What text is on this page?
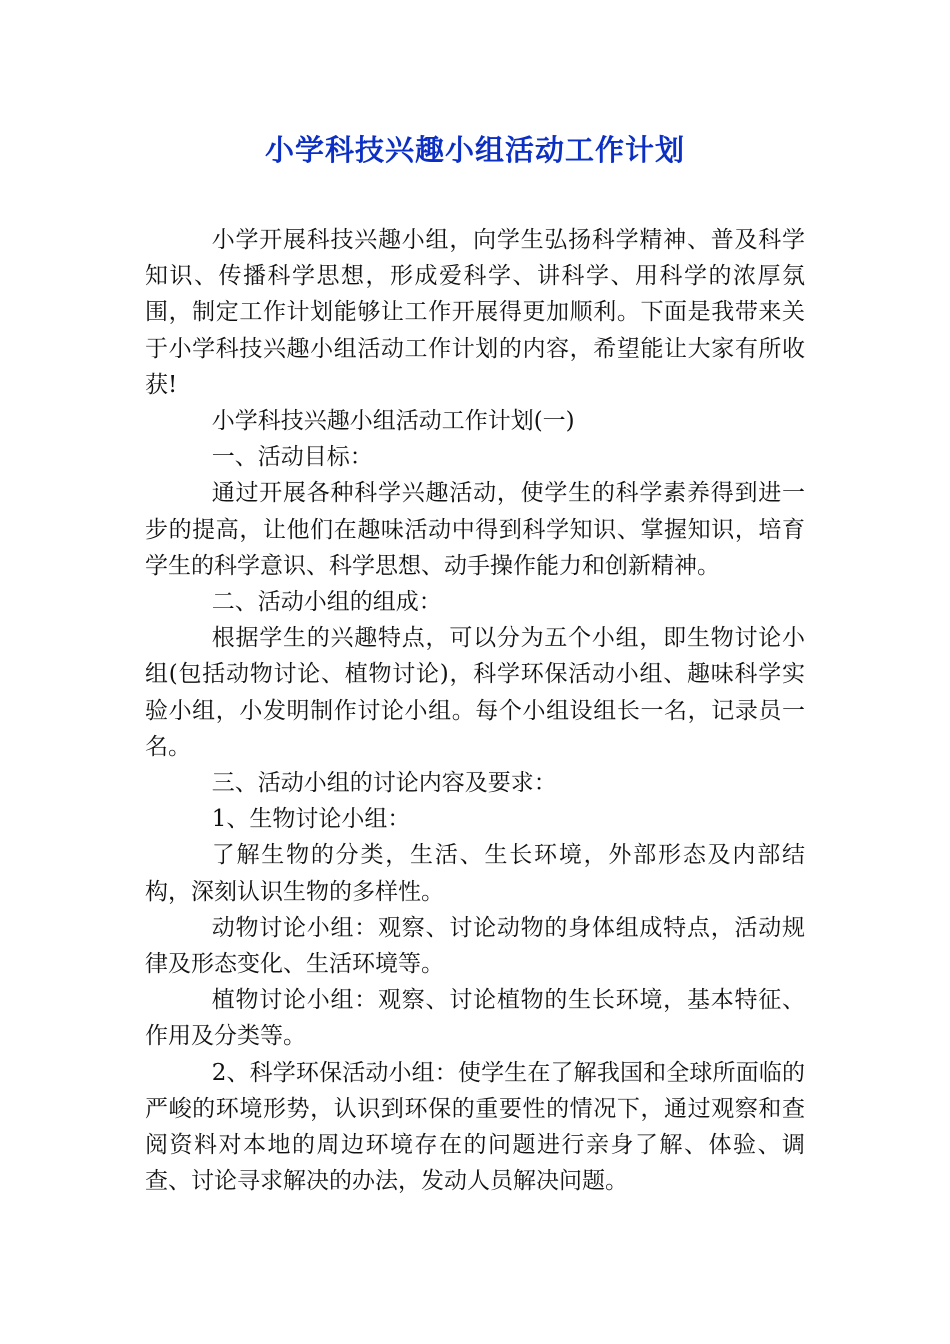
小学科技兴趣小组活动工作计划

小学开展科技兴趣小组，向学生弘扬科学精神、普及科学知识、传播科学思想，形成爱科学、讲科学、用科学的浓厚氛围，制定工作计划能够让工作开展得更加顺利。下面是我带来关于小学科技兴趣小组活动工作计划的内容，希望能让大家有所收获!

小学科技兴趣小组活动工作计划(一)

一、活动目标：

通过开展各种科学兴趣活动，使学生的科学素养得到进一步的提高，让他们在趣味活动中得到科学知识、掌握知识，培育学生的科学意识、科学思想、动手操作能力和创新精神。

二、活动小组的组成：

根据学生的兴趣特点，可以分为五个小组，即生物讨论小组(包括动物讨论、植物讨论)，科学环保活动小组、趣味科学实验小组，小发明制作讨论小组。每个小组设组长一名，记录员一名。

三、活动小组的讨论内容及要求：

1、生物讨论小组：

了解生物的分类，生活、生长环境，外部形态及内部结构，深刻认识生物的多样性。

动物讨论小组：观察、讨论动物的身体组成特点，活动规律及形态变化、生活环境等。

植物讨论小组：观察、讨论植物的生长环境，基本特征、作用及分类等。

2、科学环保活动小组：使学生在了解我国和全球所面临的严峻的环境形势，认识到环保的重要性的情况下，通过观察和查阅资料对本地的周边环境存在的问题进行亲身了解、体验、调查、讨论寻求解决的办法，发动人员解决问题。
